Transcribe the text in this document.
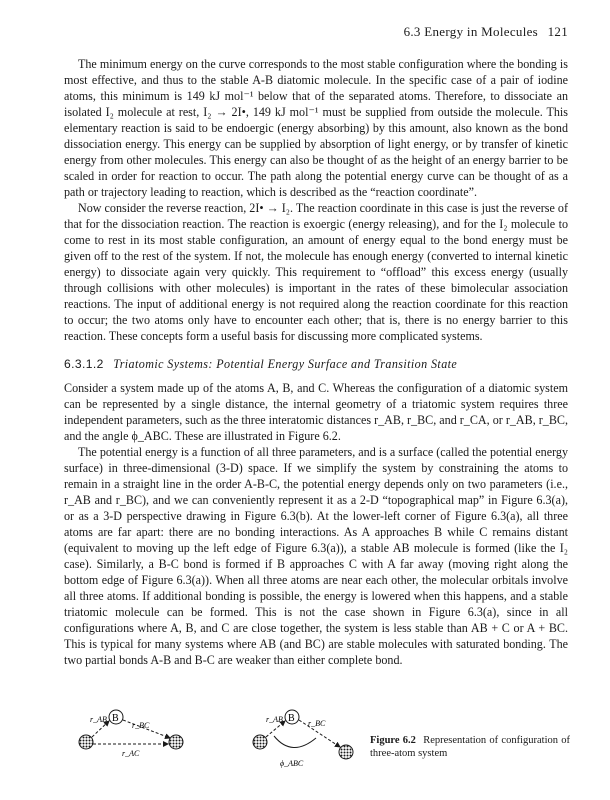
6.3 Energy in Molecules 121

The minimum energy on the curve corresponds to the most stable configuration where the bonding is most effective, and thus to the stable A-B diatomic molecule. In the specific case of a pair of iodine atoms, this minimum is 149 kJ mol⁻¹ below that of the separated atoms. Therefore, to dissociate an isolated I₂ molecule at rest, I₂ → 2I•, 149 kJ mol⁻¹ must be supplied from outside the molecule. This elementary reaction is said to be endoergic (energy absorbing) by this amount, also known as the bond dissociation energy. This energy can be supplied by absorption of light energy, or by transfer of kinetic energy from other molecules. This energy can also be thought of as the height of an energy barrier to be scaled in order for reaction to occur. The path along the potential energy curve can be thought of as a path or trajectory leading to reaction, which is described as the “reaction coordinate”.

Now consider the reverse reaction, 2I• → I₂. The reaction coordinate in this case is just the reverse of that for the dissociation reaction. The reaction is exoergic (energy releasing), and for the I₂ molecule to come to rest in its most stable configuration, an amount of energy equal to the bond energy must be given off to the rest of the system. If not, the molecule has enough energy (converted to internal kinetic energy) to dissociate again very quickly. This requirement to “offload” this excess energy (usually through collisions with other molecules) is important in the rates of these bimolecular association reactions. The input of additional energy is not required along the reaction coordinate for this reaction to occur; the two atoms only have to encounter each other; that is, there is no energy barrier to this reaction. These concepts form a useful basis for discussing more complicated systems.

6.3.1.2 Triatomic Systems: Potential Energy Surface and Transition State

Consider a system made up of the atoms A, B, and C. Whereas the configuration of a diatomic system can be represented by a single distance, the internal geometry of a triatomic system requires three independent parameters, such as the three interatomic distances r_AB, r_BC, and r_CA, or r_AB, r_BC, and the angle ϕ_ABC. These are illustrated in Figure 6.2.

The potential energy is a function of all three parameters, and is a surface (called the potential energy surface) in three-dimensional (3-D) space. If we simplify the system by constraining the atoms to remain in a straight line in the order A-B-C, the potential energy depends only on two parameters (i.e., r_AB and r_BC), and we can conveniently represent it as a 2-D “topographical map” in Figure 6.3(a), or as a 3-D perspective drawing in Figure 6.3(b). At the lower-left corner of Figure 6.3(a), all three atoms are far apart: there are no bonding interactions. As A approaches B while C remains distant (equivalent to moving up the left edge of Figure 6.3(a)), a stable AB molecule is formed (like the I₂ case). Similarly, a B-C bond is formed if B approaches C with A far away (moving right along the bottom edge of Figure 6.3(a)). When all three atoms are near each other, the molecular orbitals involve all three atoms. If additional bonding is possible, the energy is lowered when this happens, and a stable triatomic molecule can be formed. This is not the case shown in Figure 6.3(a), since in all configurations where A, B, and C are close together, the system is less stable than AB + C or A + BC. This is typical for many systems where AB (and BC) are stable molecules with saturated bonding. The two partial bonds A-B and B-C are weaker than either complete bond.

B
r_AB
r_BC
r_AC
B
r_AB	r_BC
ϕ_ABC
Figure 6.2 Representation of configuration of three-atom system
